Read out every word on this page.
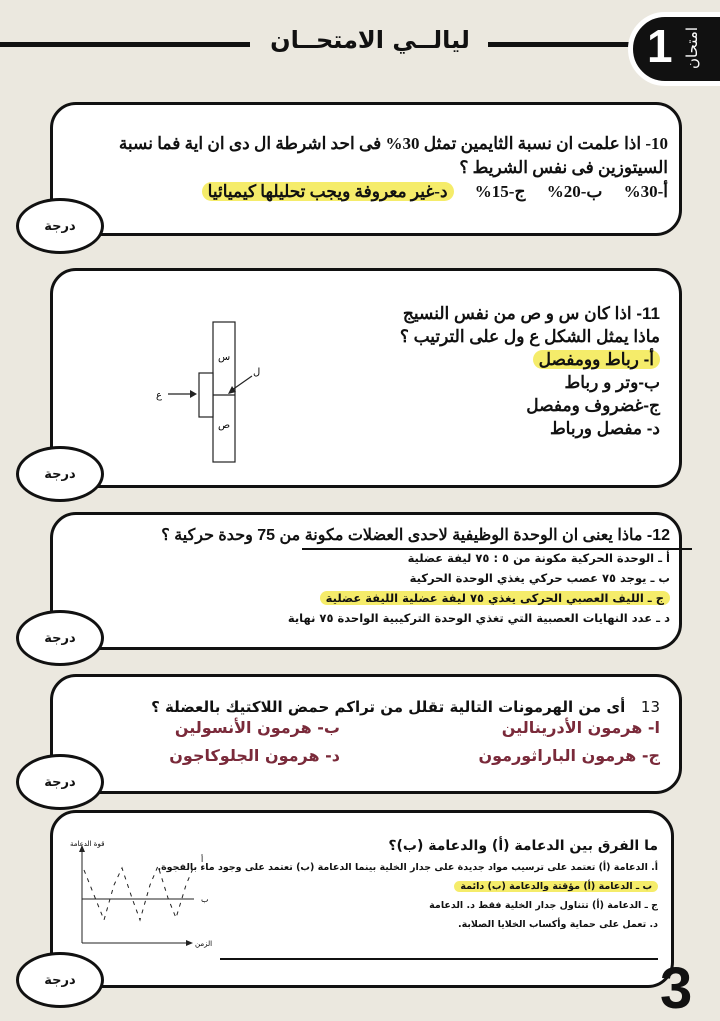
ليالــي الامتحــان	1 امتحان
10- اذا علمت ان نسبة الثايمين تمثل 30% فى احد اشرطة ال دى ان اية فما نسبة
السيتوزين فى نفس الشريط ؟
أ-30%     ب-20%     ج-15%     د-غير معروفة ويجب تحليلها كيميائيا
درجة
11- اذا كان س و ص من نفس النسيج
ماذا يمثل الشكل ع ول على الترتيب ؟
أ- رباط وومفصل
ب-وتر و رباط
ج-غضروف ومفصل
د- مفصل ورباط
س
ص
ع
ل
درجة
12- ماذا يعنى ان الوحدة الوظيفية لاحدى العضلات مكونة من 75 وحدة حركية ؟
أ ـ الوحدة الحركية مكونة من ٥ : ٧٥ ليفة عضلية
ب ـ يوجد ٧٥ عصب حركي يغذي الوحدة الحركية
ج ـ الليف العصبي الحركى يغذي ٧٥ ليفة عضلية الليفة عضلية
د ـ عدد النهايات العصبية التي تغذي الوحدة التركيبية الواحدة ٧٥ نهاية
درجة
13   أى من الهرمونات التالية تقلل من تراكم حمض اللاكتيك بالعضلة ؟
ا- هرمون الأدرينالين
ب- هرمون الأنسولين
ج- هرمون الباراثورمون
د- هرمون الجلوكاجون
درجة
ما الفرق بين الدعامة (أ) والدعامة (ب)؟
أ. الدعامة (أ) تعتمد على ترسيب مواد جديدة على جدار الخلية بينما الدعامة (ب) تعتمد على وجود ماء بالفجوة.
ب ـ الدعامة (أ) مؤقتة والدعامة (ب) دائمة
ج ـ الدعامة (أ) تتناول جدار الخلية فقط د. الدعامة
د. تعمل على حماية وأكساب الخلايا الصلابة.
قوة الدعامة
الزمن
أ
ب
درجة	3
